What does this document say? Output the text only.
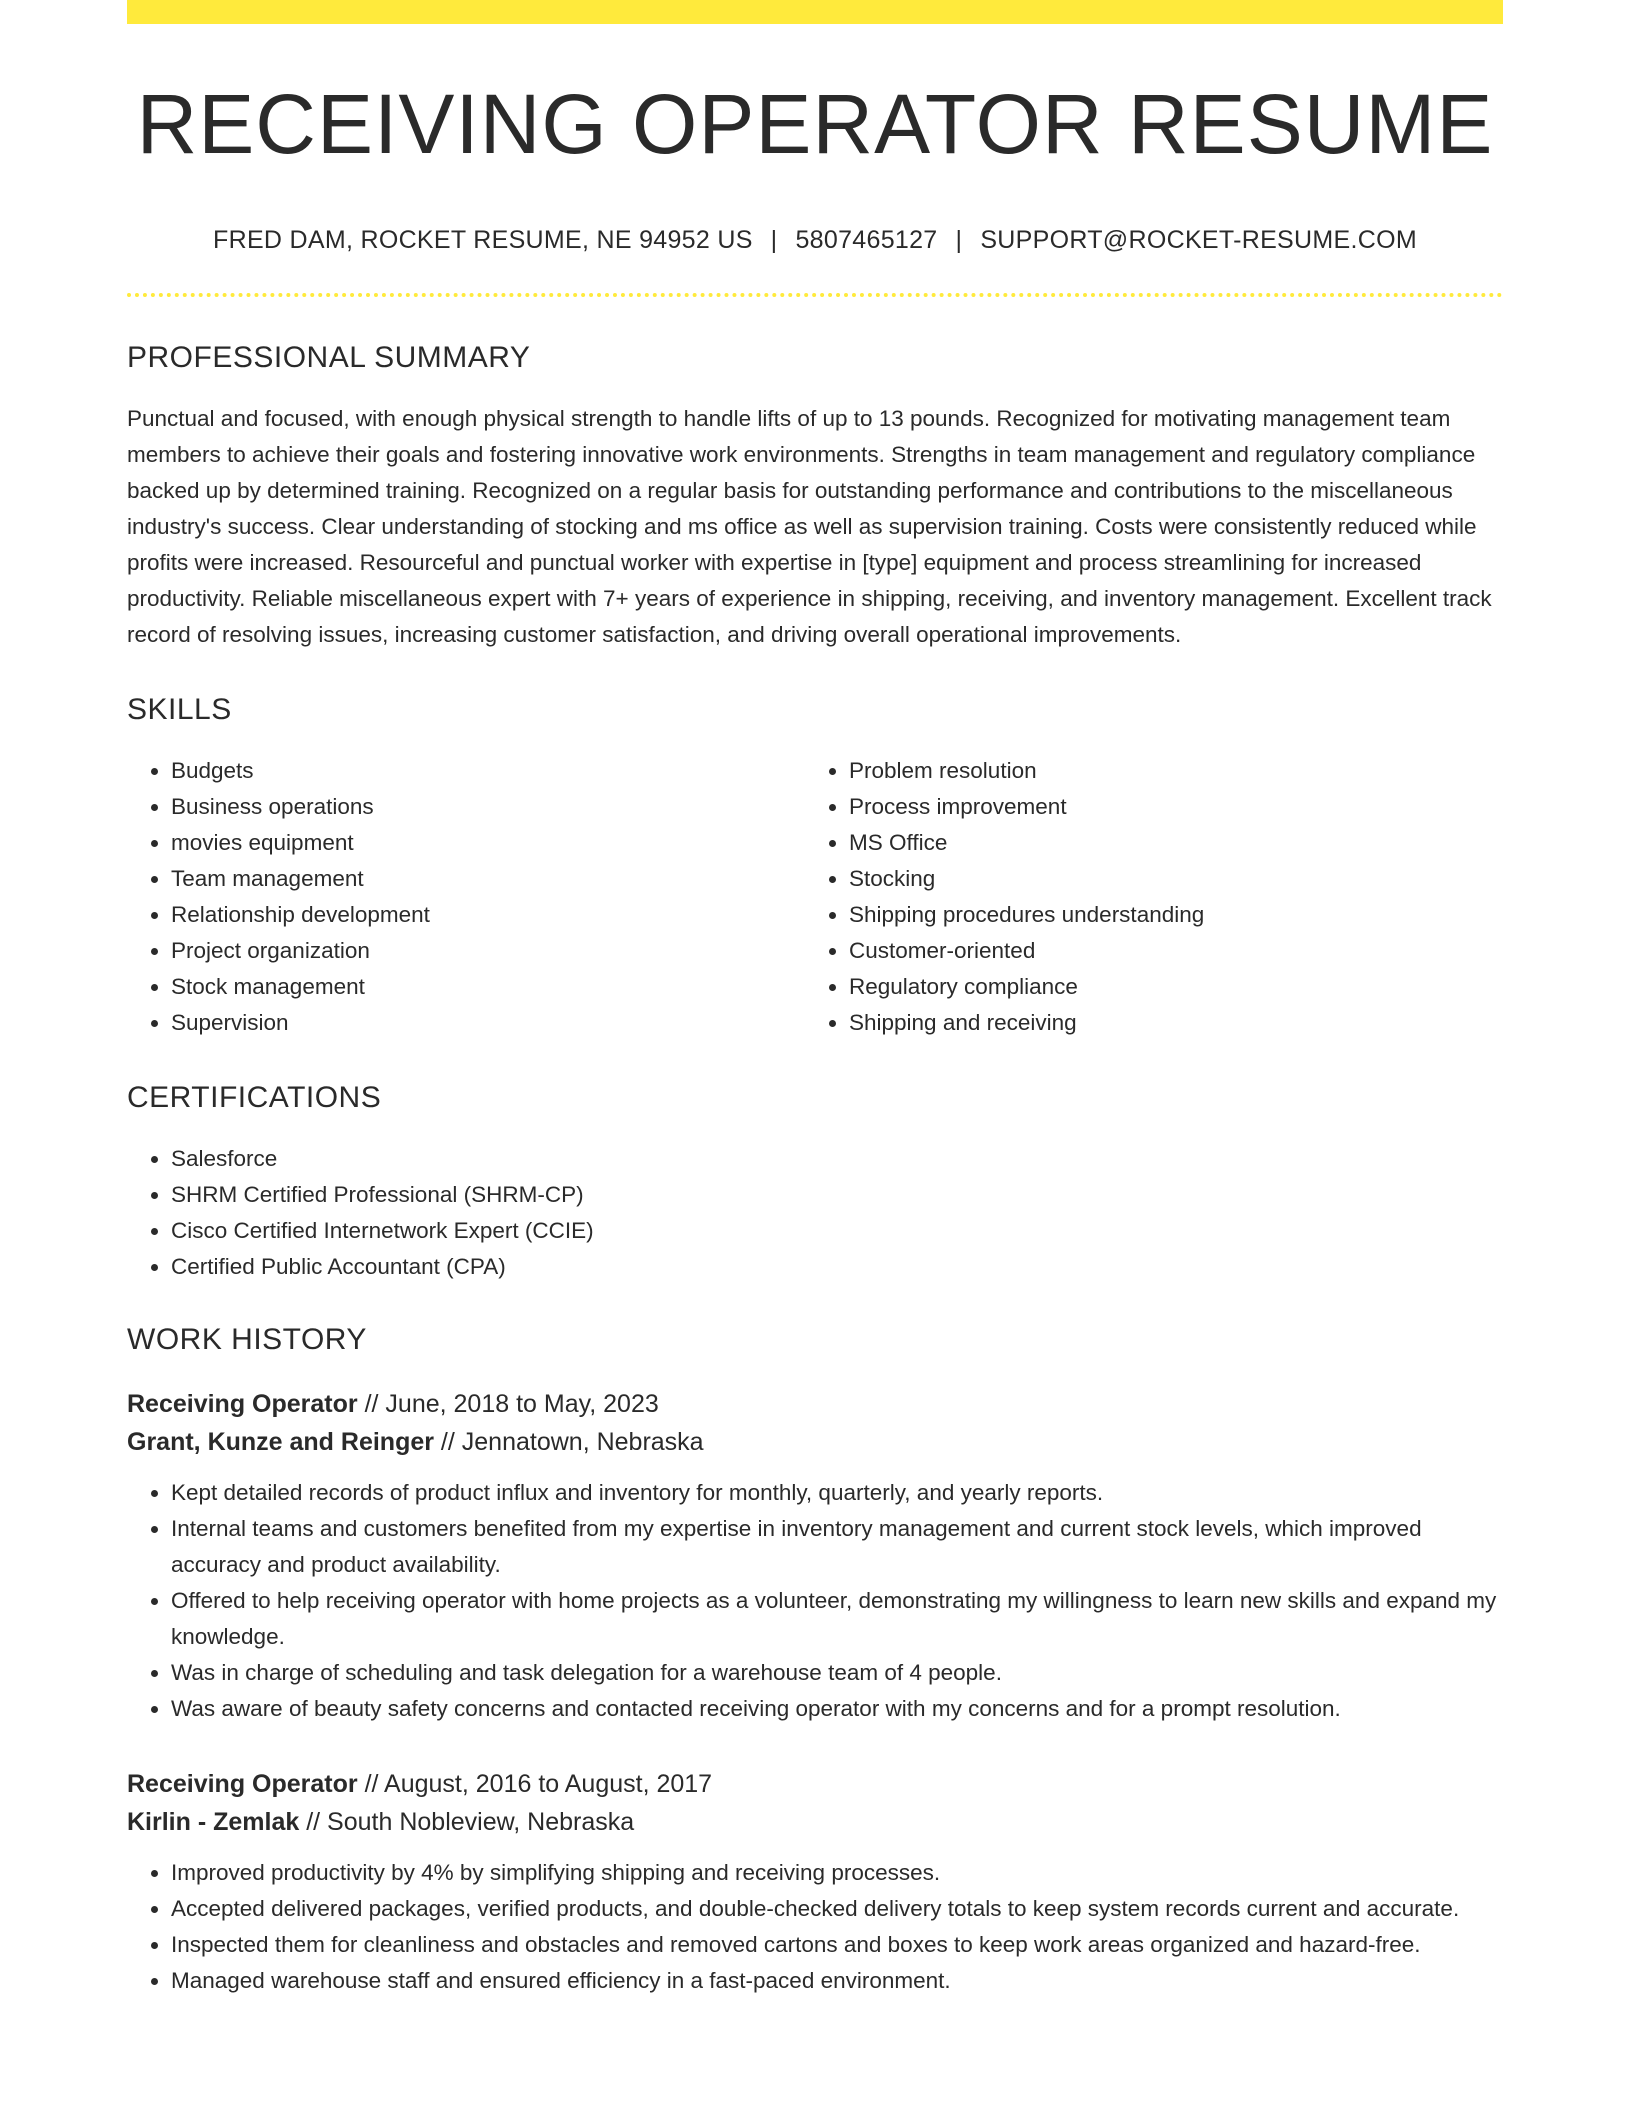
RECEIVING OPERATOR RESUME
FRED DAM, ROCKET RESUME, NE 94952 US | 5807465127 | SUPPORT@ROCKET-RESUME.COM
PROFESSIONAL SUMMARY

Punctual and focused, with enough physical strength to handle lifts of up to 13 pounds. Recognized for motivating management team members to achieve their goals and fostering innovative work environments. Strengths in team management and regulatory compliance backed up by determined training. Recognized on a regular basis for outstanding performance and contributions to the miscellaneous industry's success. Clear understanding of stocking and ms office as well as supervision training. Costs were consistently reduced while profits were increased. Resourceful and punctual worker with expertise in [type] equipment and process streamlining for increased productivity. Reliable miscellaneous expert with 7+ years of experience in shipping, receiving, and inventory management. Excellent track record of resolving issues, increasing customer satisfaction, and driving overall operational improvements.

SKILLS
• Budgets
• Business operations
• movies equipment
• Team management
• Relationship development
• Project organization
• Stock management
• Supervision
• Problem resolution
• Process improvement
• MS Office
• Stocking
• Shipping procedures understanding
• Customer-oriented
• Regulatory compliance
• Shipping and receiving
CERTIFICATIONS
• Salesforce
• SHRM Certified Professional (SHRM-CP)
• Cisco Certified Internetwork Expert (CCIE)
• Certified Public Accountant (CPA)
WORK HISTORY
Receiving Operator // June, 2018 to May, 2023
Grant, Kunze and Reinger // Jennatown, Nebraska
• Kept detailed records of product influx and inventory for monthly, quarterly, and yearly reports.
• Internal teams and customers benefited from my expertise in inventory management and current stock levels, which improved accuracy and product availability.
• Offered to help receiving operator with home projects as a volunteer, demonstrating my willingness to learn new skills and expand my knowledge.
• Was in charge of scheduling and task delegation for a warehouse team of 4 people.
• Was aware of beauty safety concerns and contacted receiving operator with my concerns and for a prompt resolution.
Receiving Operator // August, 2016 to August, 2017
Kirlin - Zemlak // South Nobleview, Nebraska
• Improved productivity by 4% by simplifying shipping and receiving processes.
• Accepted delivered packages, verified products, and double-checked delivery totals to keep system records current and accurate.
• Inspected them for cleanliness and obstacles and removed cartons and boxes to keep work areas organized and hazard-free.
• Managed warehouse staff and ensured efficiency in a fast-paced environment.
